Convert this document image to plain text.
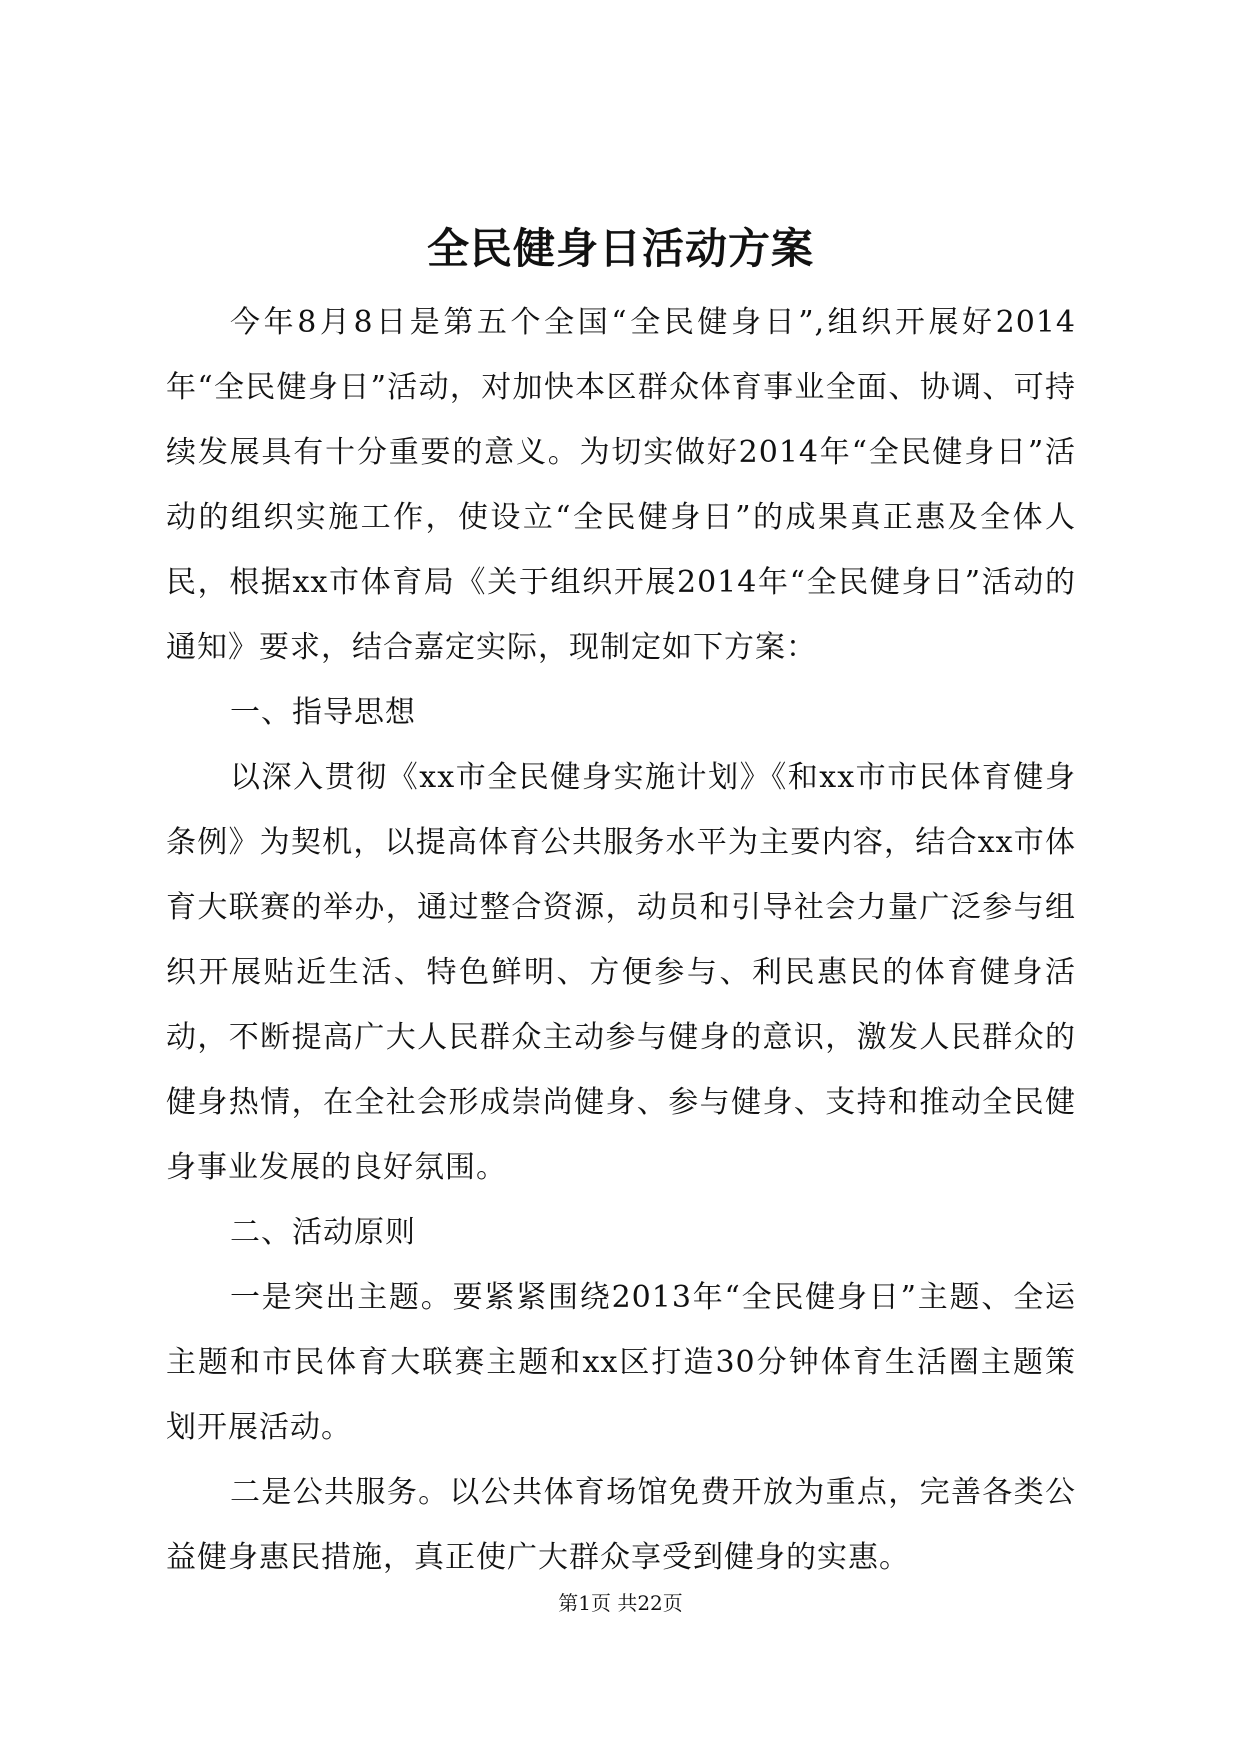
全民健身日活动方案

今年8月8日是第五个全国“全民健身日”,组织开展好2014年“全民健身日”活动，对加快本区群众体育事业全面、协调、可持续发展具有十分重要的意义。为切实做好2014年“全民健身日”活动的组织实施工作，使设立“全民健身日”的成果真正惠及全体人民，根据xx市体育局《关于组织开展2014年“全民健身日”活动的通知》要求，结合嘉定实际，现制定如下方案：

一、指导思想

以深入贯彻《xx市全民健身实施计划》《和xx市市民体育健身条例》为契机，以提高体育公共服务水平为主要内容，结合xx市体育大联赛的举办，通过整合资源，动员和引导社会力量广泛参与组织开展贴近生活、特色鲜明、方便参与、利民惠民的体育健身活动，不断提高广大人民群众主动参与健身的意识，激发人民群众的健身热情，在全社会形成崇尚健身、参与健身、支持和推动全民健身事业发展的良好氛围。

二、活动原则

一是突出主题。要紧紧围绕2013年“全民健身日”主题、全运主题和市民体育大联赛主题和xx区打造30分钟体育生活圈主题策划开展活动。

二是公共服务。以公共体育场馆免费开放为重点，完善各类公益健身惠民措施，真正使广大群众享受到健身的实惠。

第1页 共22页
